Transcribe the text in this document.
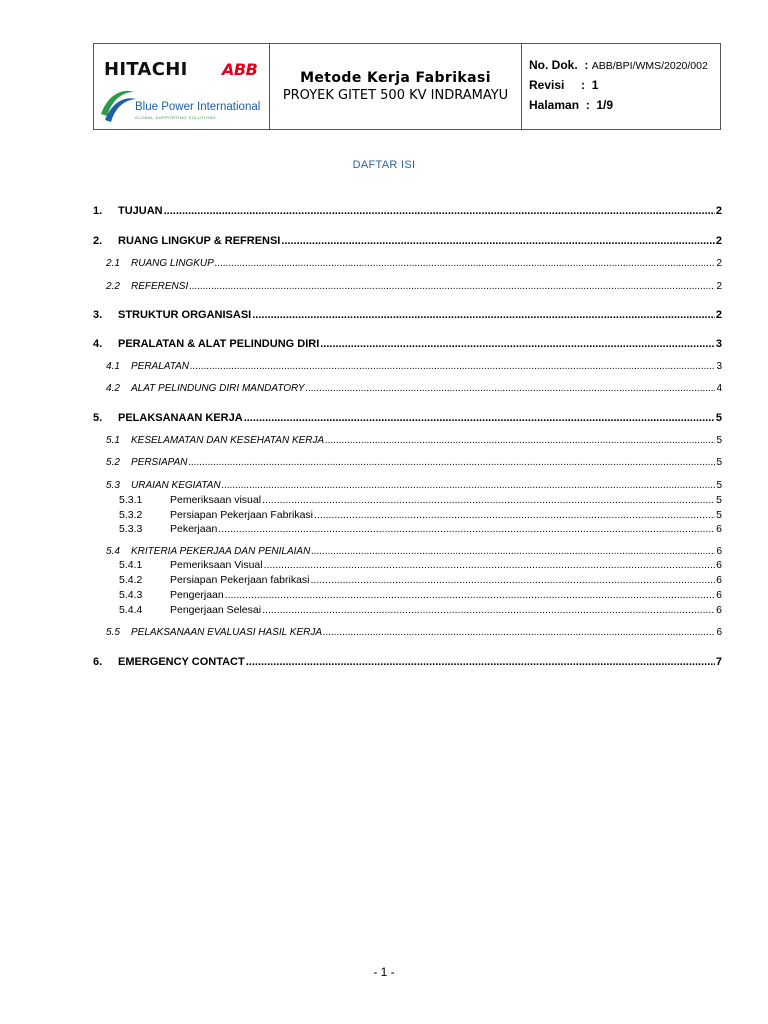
HITACHI ABB
Blue Power International
GLOBAL SUPPORTING SOLUTIONS
Metode Kerja Fabrikasi
PROYEK GITET 500 KV INDRAMAYU
No. Dok. : ABB/BPI/WMS/2020/002
Revisi : 1
Halaman : 1/9
DAFTAR ISI
1.	TUJUAN .....	2
2.	RUANG LINGKUP & REFRENSI .....	2
2.1	RUANG LINGKUP .....	2
2.2	REFERENSI .....	2
3.	STRUKTUR ORGANISASI .....	2
4.	PERALATAN & ALAT PELINDUNG DIRI .....	3
4.1	PERALATAN .....	3
4.2	ALAT PELINDUNG DIRI MANDATORY .....	4
5.	PELAKSANAAN KERJA .....	5
5.1	KESELAMATAN DAN KESEHATAN KERJA .....	5
5.2	PERSIAPAN .....	5
5.3	URAIAN KEGIATAN .....	5
5.3.1	Pemeriksaan visual .....	5
5.3.2	Persiapan Pekerjaan Fabrikasi .....	5
5.3.3	Pekerjaan .....	6
5.4	KRITERIA PEKERJAA DAN PENILAIAN .....	6
5.4.1	Pemeriksaan Visual .....	6
5.4.2	Persiapan Pekerjaan fabrikasi .....	6
5.4.3	Pengerjaan .....	6
5.4.4	Pengerjaan Selesai .....	6
5.5	PELAKSANAAN EVALUASI HASIL KERJA .....	6
6.	EMERGENCY CONTACT .....	7
- 1 -
